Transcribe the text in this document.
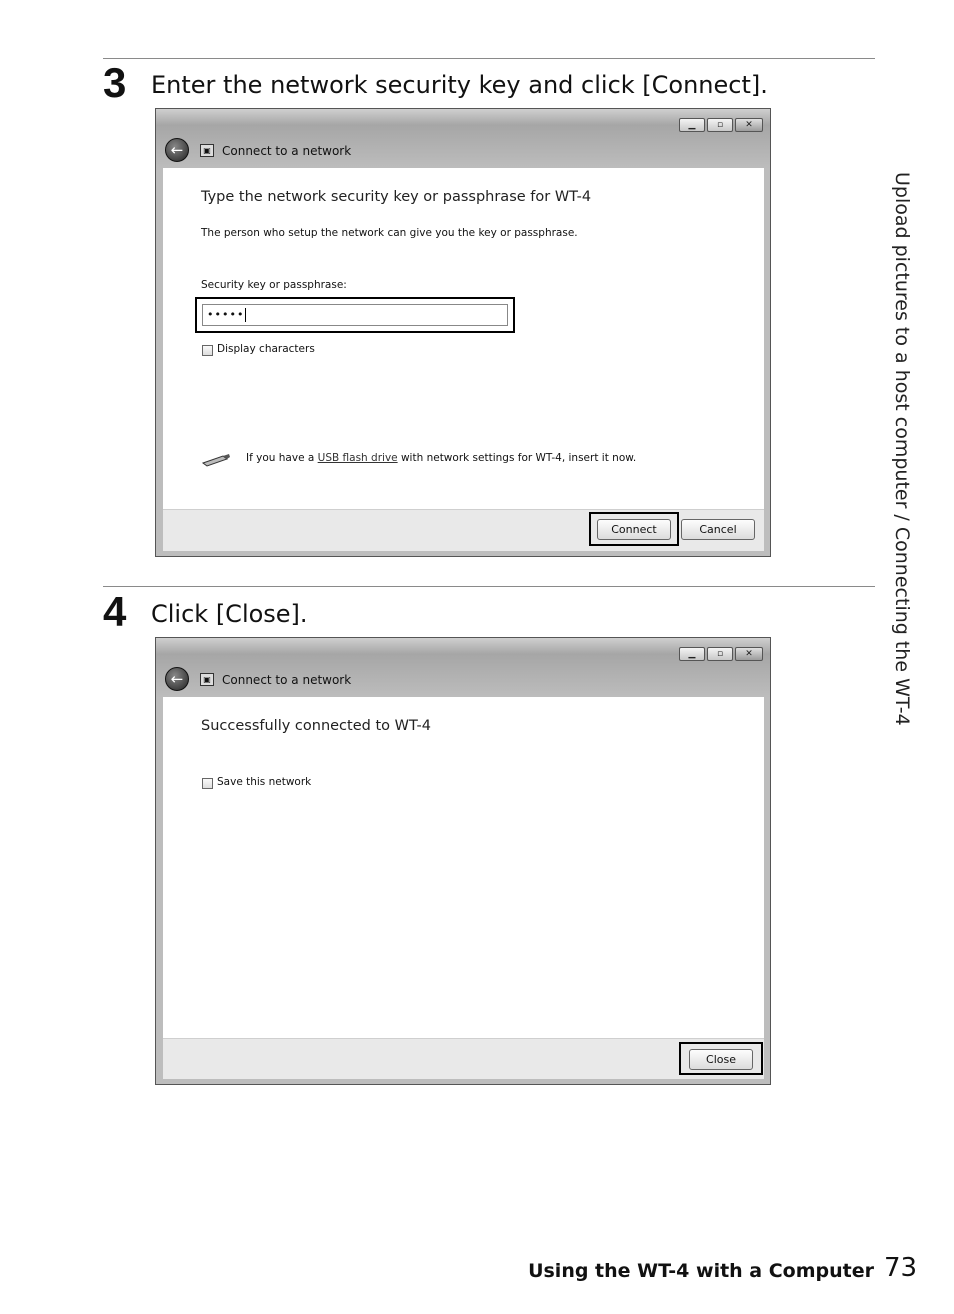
3 Enter the network security key and click [Connect].
▁	▫	✕
←	▣ Connect to a network
Type the network security key or passphrase for WT-4
The person who setup the network can give you the key or passphrase.
Security key or passphrase:
•••••
Display characters
If you have a USB flash drive with network settings for WT-4, insert it now.
Connect	Cancel
4 Click [Close].
▁	▫	✕
←	▣ Connect to a network
Successfully connected to WT-4
Save this network
Close
Upload pictures to a host computer / Connecting the WT-4
Using the WT-4 with a Computer 73
